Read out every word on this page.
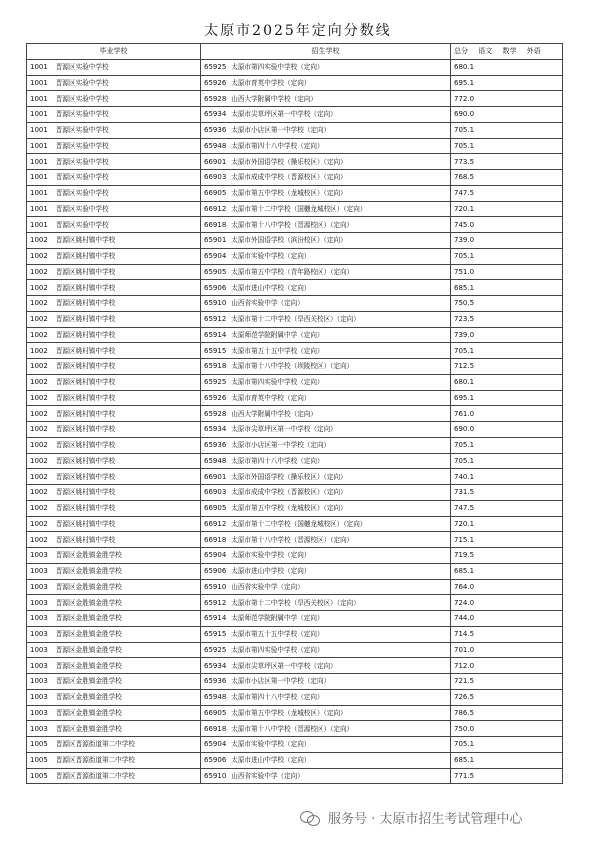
太原市2025年定向分数线
毕业学校	招生学校	总分 语文 数学 外语
1001 晋源区实验中学校	65925 太原市第四实验中学校（定向）	680.1
1001 晋源区实验中学校	65926 太原市育英中学校（定向）	695.1
1001 晋源区实验中学校	65928 山西大学附属中学校（定向）	772.0
1001 晋源区实验中学校	65934 太原市尖草坪区第一中学校（定向）	690.0
1001 晋源区实验中学校	65936 太原市小店区第一中学校（定向）	705.1
1001 晋源区实验中学校	65948 太原市第四十八中学校（定向）	705.1
1001 晋源区实验中学校	66901 太原市外国语学校（操乐校区）（定向）	773.5
1001 晋源区实验中学校	66903 太原市成成中学校（晋源校区）（定向）	768.5
1001 晋源区实验中学校	66905 太原市第五中学校（龙城校区）（定向）	747.5
1001 晋源区实验中学校	66912 太原市第十二中学校（国樾龙城校区）（定向）	720.1
1001 晋源区实验中学校	66918 太原市第十八中学校（晋源校区）（定向）	745.0
1002 晋源区姚村镇中学校	65901 太原市外国语学校（滨汾校区）（定向）	739.0
1002 晋源区姚村镇中学校	65904 太原市实验中学校（定向）	705.1
1002 晋源区姚村镇中学校	65905 太原市第五中学校（青年路校区）（定向）	751.0
1002 晋源区姚村镇中学校	65906 太原市进山中学校（定向）	685.1
1002 晋源区姚村镇中学校	65910 山西省实验中学（定向）	750.5
1002 晋源区姚村镇中学校	65912 太原市第十二中学校（旱西关校区）（定向）	723.5
1002 晋源区姚村镇中学校	65914 太原师范学院附属中学（定向）	739.0
1002 晋源区姚村镇中学校	65915 太原市第五十五中学校（定向）	705.1
1002 晋源区姚村镇中学校	65918 太原市第十八中学校（坝陵校区）（定向）	712.5
1002 晋源区姚村镇中学校	65925 太原市第四实验中学校（定向）	680.1
1002 晋源区姚村镇中学校	65926 太原市育英中学校（定向）	695.1
1002 晋源区姚村镇中学校	65928 山西大学附属中学校（定向）	761.0
1002 晋源区姚村镇中学校	65934 太原市尖草坪区第一中学校（定向）	690.0
1002 晋源区姚村镇中学校	65936 太原市小店区第一中学校（定向）	705.1
1002 晋源区姚村镇中学校	65948 太原市第四十八中学校（定向）	705.1
1002 晋源区姚村镇中学校	66901 太原市外国语学校（操乐校区）（定向）	740.1
1002 晋源区姚村镇中学校	66903 太原市成成中学校（晋源校区）（定向）	731.5
1002 晋源区姚村镇中学校	66905 太原市第五中学校（龙城校区）（定向）	747.5
1002 晋源区姚村镇中学校	66912 太原市第十二中学校（国樾龙城校区）（定向）	720.1
1002 晋源区姚村镇中学校	66918 太原市第十八中学校（晋源校区）（定向）	715.1
1003 晋源区金胜镇金胜学校	65904 太原市实验中学校（定向）	719.5
1003 晋源区金胜镇金胜学校	65906 太原市进山中学校（定向）	685.1
1003 晋源区金胜镇金胜学校	65910 山西省实验中学（定向）	764.0
1003 晋源区金胜镇金胜学校	65912 太原市第十二中学校（旱西关校区）（定向）	724.0
1003 晋源区金胜镇金胜学校	65914 太原师范学院附属中学（定向）	744.0
1003 晋源区金胜镇金胜学校	65915 太原市第五十五中学校（定向）	714.5
1003 晋源区金胜镇金胜学校	65925 太原市第四实验中学校（定向）	701.0
1003 晋源区金胜镇金胜学校	65934 太原市尖草坪区第一中学校（定向）	712.0
1003 晋源区金胜镇金胜学校	65936 太原市小店区第一中学校（定向）	721.5
1003 晋源区金胜镇金胜学校	65948 太原市第四十八中学校（定向）	726.5
1003 晋源区金胜镇金胜学校	66905 太原市第五中学校（龙城校区）（定向）	786.5
1003 晋源区金胜镇金胜学校	66918 太原市第十八中学校（晋源校区）（定向）	750.0
1005 晋源区晋源街道第二中学校	65904 太原市实验中学校（定向）	705.1
1005 晋源区晋源街道第二中学校	65906 太原市进山中学校（定向）	685.1
1005 晋源区晋源街道第二中学校	65910 山西省实验中学（定向）	771.5
服务号 · 太原市招生考试管理中心
